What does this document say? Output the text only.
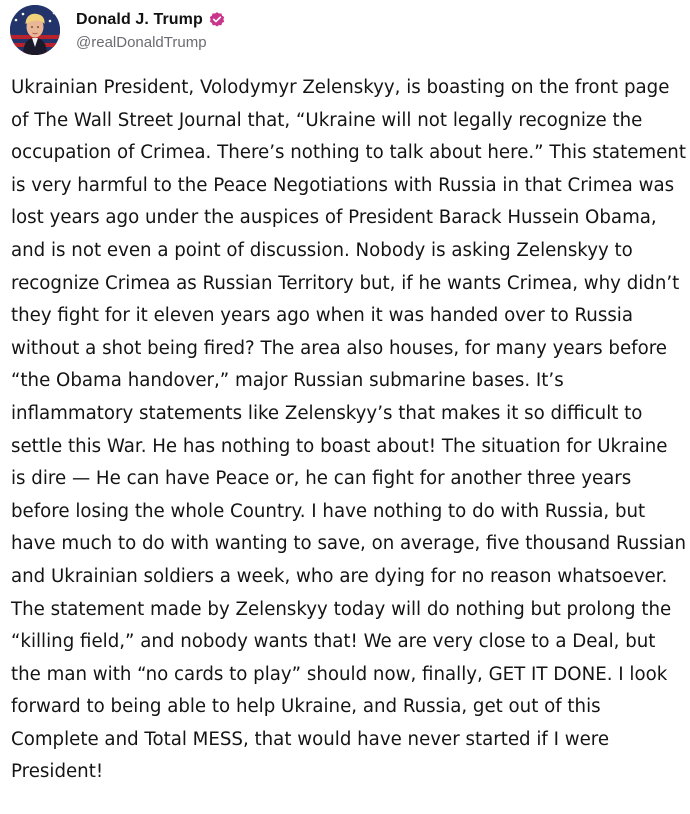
Donald J. Trump
@realDonaldTrump

Ukrainian President, Volodymyr Zelenskyy, is boasting on the front page of The Wall Street Journal that, “Ukraine will not legally recognize the occupation of Crimea. There’s nothing to talk about here.” This statement is very harmful to the Peace Negotiations with Russia in that Crimea was lost years ago under the auspices of President Barack Hussein Obama, and is not even a point of discussion. Nobody is asking Zelenskyy to recognize Crimea as Russian Territory but, if he wants Crimea, why didn’t they fight for it eleven years ago when it was handed over to Russia without a shot being fired? The area also houses, for many years before “the Obama handover,” major Russian submarine bases. It’s inflammatory statements like Zelenskyy’s that makes it so difficult to settle this War. He has nothing to boast about! The situation for Ukraine is dire — He can have Peace or, he can fight for another three years before losing the whole Country. I have nothing to do with Russia, but have much to do with wanting to save, on average, five thousand Russian and Ukrainian soldiers a week, who are dying for no reason whatsoever. The statement made by Zelenskyy today will do nothing but prolong the “killing field,” and nobody wants that! We are very close to a Deal, but the man with “no cards to play” should now, finally, GET IT DONE. I look forward to being able to help Ukraine, and Russia, get out of this Complete and Total MESS, that would have never started if I were President!
